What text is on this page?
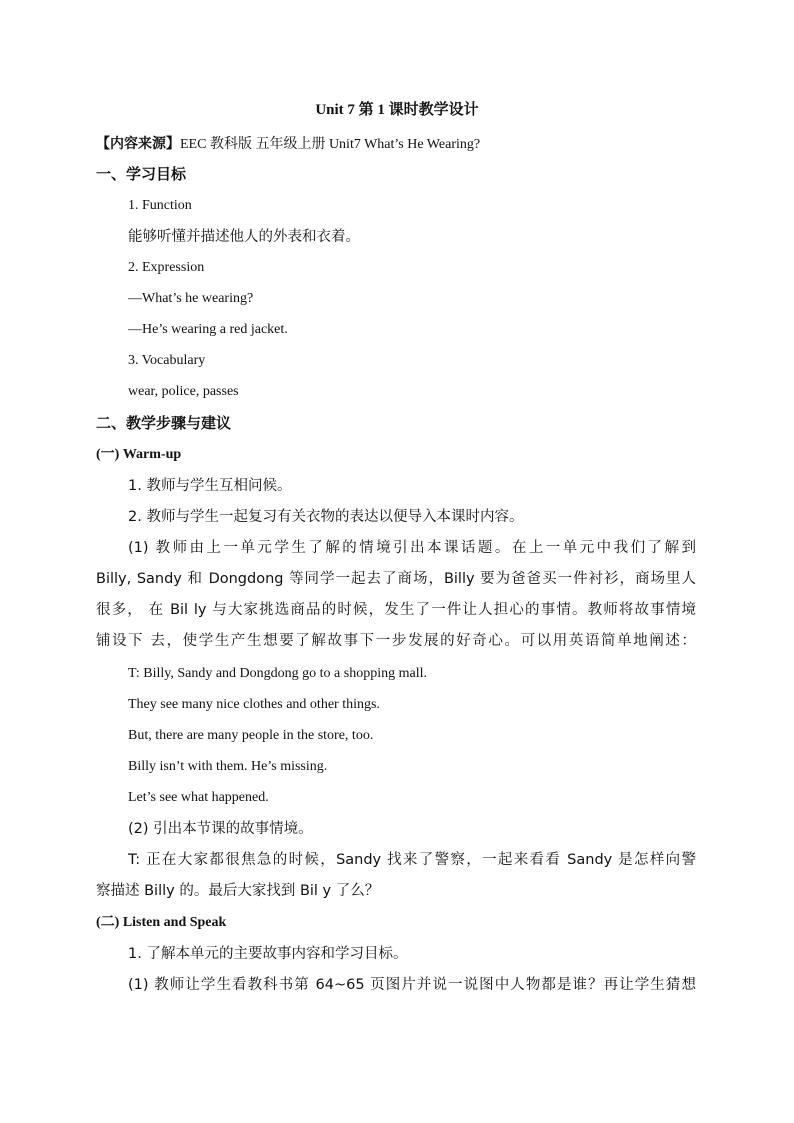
Unit 7 第 1 课时教学设计
【内容来源】EEC 教科版 五年级上册 Unit7 What’s He Wearing?
一、学习目标
1. Function
能够听懂并描述他人的外表和衣着。
2. Expression
—What’s he wearing?
—He’s wearing a red jacket.
3. Vocabulary
wear, police, passes
二、教学步骤与建议
(一) Warm-up
1. 教师与学生互相问候。
2. 教师与学生一起复习有关衣物的表达以便导入本课时内容。
(1) 教师由上一单元学生了解的情境引出本课话题。在上一单元中我们了解到
Billy, Sandy 和 Dongdong 等同学一起去了商场，Billy 要为爸爸买一件衬衫，商场里人
很多， 在 Bil ly 与大家挑选商品的时候，发生了一件让人担心的事情。教师将故事情境
铺设下 去，使学生产生想要了解故事下一步发展的好奇心。可以用英语简单地阐述：
T: Billy, Sandy and Dongdong go to a shopping mall.
They see many nice clothes and other things.
But, there are many people in the store, too.
Billy isn’t with them. He’s missing.
Let’s see what happened.
(2) 引出本节课的故事情境。
T: 正在大家都很焦急的时候，Sandy 找来了警察，一起来看看 Sandy 是怎样向警
察描述 Billy 的。最后大家找到 Bil y 了么？
(二) Listen and Speak
1. 了解本单元的主要故事内容和学习目标。
(1) 教师让学生看教科书第 64~65 页图片并说一说图中人物都是谁？再让学生猜想
